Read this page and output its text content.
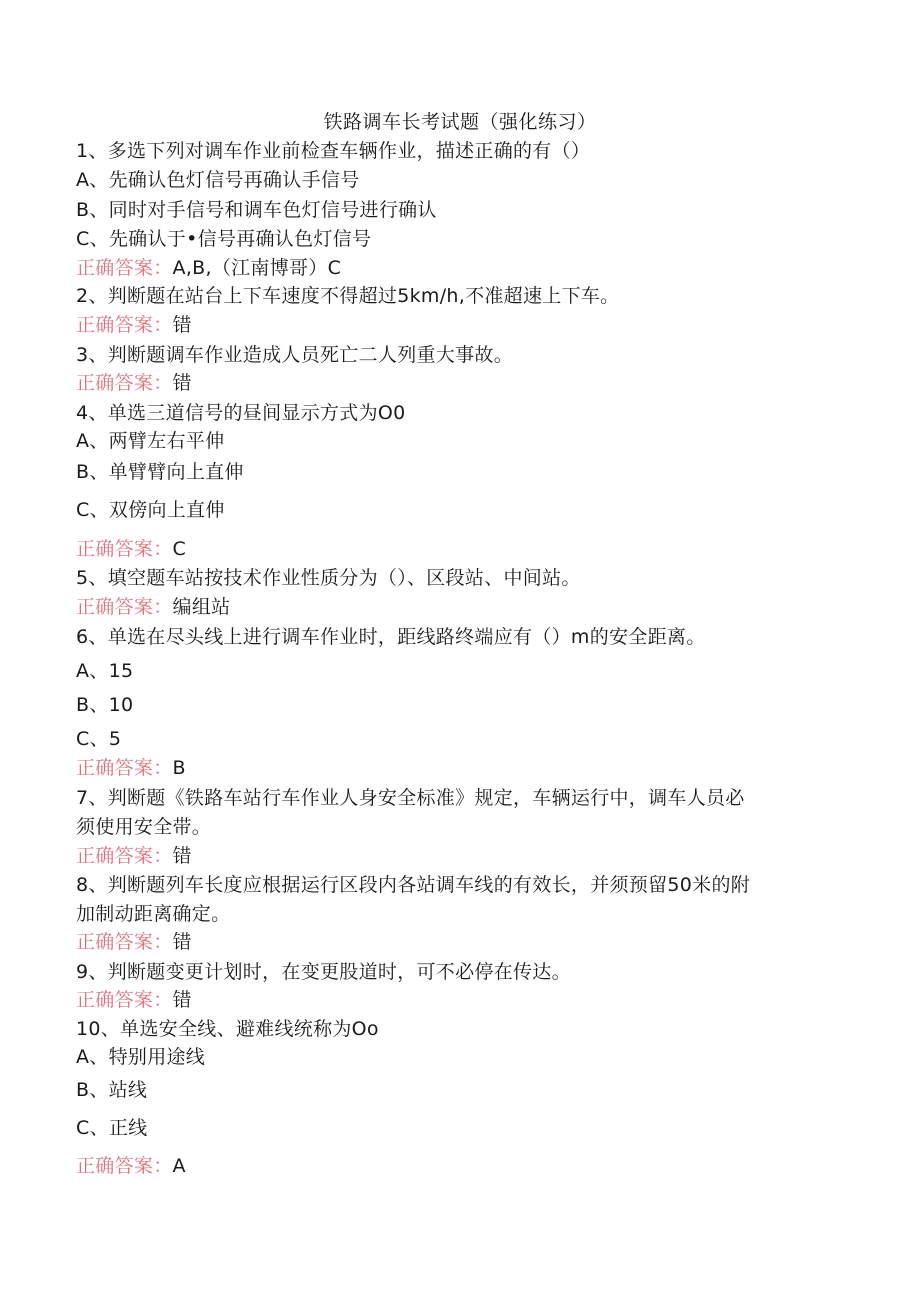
铁路调车长考试题（强化练习）
1、多选下列对调车作业前检查车辆作业，描述正确的有（）
A、先确认色灯信号再确认手信号
B、同时对手信号和调车色灯信号进行确认
C、先确认于•信号再确认色灯信号
正确答案：A,B,（江南博哥）C
2、判断题在站台上下车速度不得超过5km/h,不准超速上下车。
正确答案：错
3、判断题调车作业造成人员死亡二人列重大事故。
正确答案：错
4、单选三道信号的昼间显示方式为O0
A、两臂左右平伸
B、单臂臂向上直伸
C、双傍向上直伸
正确答案：C
5、填空题车站按技术作业性质分为（）、区段站、中间站。
正确答案：编组站
6、单选在尽头线上进行调车作业时，距线路终端应有（）m的安全距离。
A、15
B、10
C、5
正确答案：B
7、判断题《铁路车站行车作业人身安全标准》规定，车辆运行中，调车人员必
须使用安全带。
正确答案：错
8、判断题列车长度应根据运行区段内各站调车线的有效长，并须预留50米的附
加制动距离确定。
正确答案：错
9、判断题变更计划时，在变更股道时，可不必停在传达。
正确答案：错
10、单选安全线、避难线统称为Oo
A、特别用途线
B、站线
C、正线
正确答案：A
